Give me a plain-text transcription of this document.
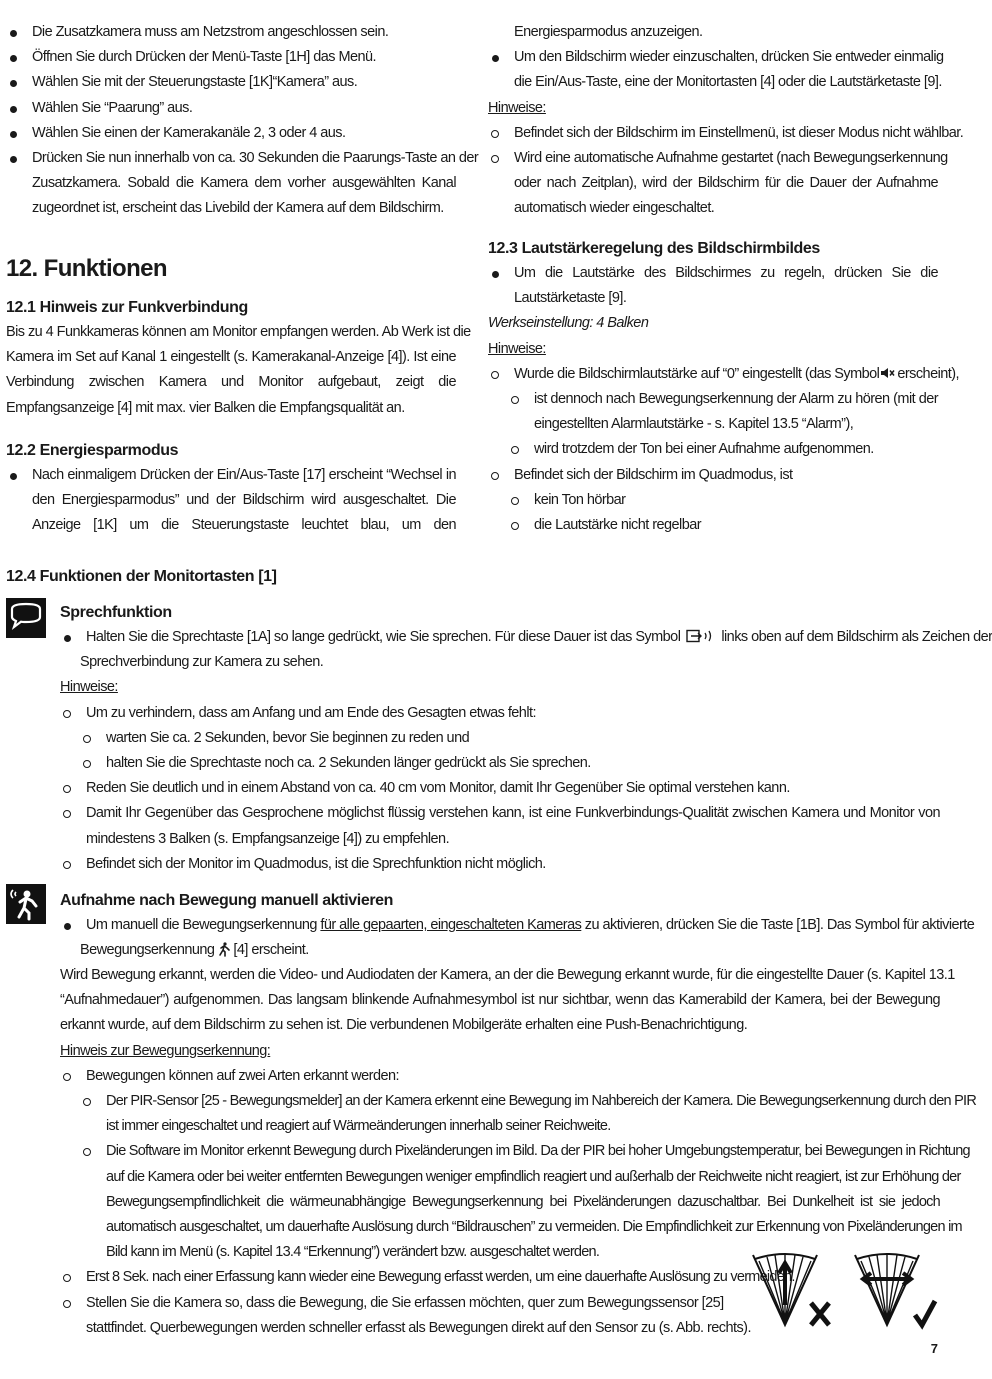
Die Zusatzkamera muss am Netzstrom angeschlossen sein.
Öffnen Sie durch Drücken der Menü-Taste [1H] das Menü.
Wählen Sie mit der Steuerungstaste [1K]“Kamera” aus.
Wählen Sie “Paarung” aus.
Wählen Sie einen der Kamerakanäle 2, 3 oder 4 aus.
Drücken Sie nun innerhalb von ca. 30 Sekunden die Paarungs-Taste an der
Zusatzkamera. Sobald die Kamera dem vorher ausgewählten Kanal
zugeordnet ist, erscheint das Livebild der Kamera auf dem Bildschirm.
12. Funktionen
12.1 Hinweis zur Funkverbindung
Bis zu 4 Funkkameras können am Monitor empfangen werden. Ab Werk ist die
Kamera im Set auf Kanal 1 eingestellt (s. Kamerakanal-Anzeige [4]). Ist eine
Verbindung zwischen Kamera und Monitor aufgebaut, zeigt die
Empfangsanzeige [4] mit max. vier Balken die Empfangsqualität an.
12.2 Energiesparmodus
Nach einmaligem Drücken der Ein/Aus-Taste [17] erscheint “Wechsel in
den Energiesparmodus” und der Bildschirm wird ausgeschaltet. Die
Anzeige [1K] um die Steuerungstaste leuchtet blau, um den
Energiesparmodus anzuzeigen.
Um den Bildschirm wieder einzuschalten, drücken Sie entweder einmalig
die Ein/Aus-Taste, eine der Monitortasten [4] oder die Lautstärketaste [9].
Hinweise:
Befindet sich der Bildschirm im Einstellmenü, ist dieser Modus nicht wählbar.
Wird eine automatische Aufnahme gestartet (nach Bewegungserkennung
oder nach Zeitplan), wird der Bildschirm für die Dauer der Aufnahme
automatisch wieder eingeschaltet.
12.3 Lautstärkeregelung des Bildschirmbildes
Um die Lautstärke des Bildschirmes zu regeln, drücken Sie die
Lautstärketaste [9].
Werkseinstellung: 4 Balken
Hinweise:
Wurde die Bildschirmlautstärke auf “0” eingestellt (das Symbol erscheint),
ist dennoch nach Bewegungserkennung der Alarm zu hören (mit der
eingestellten Alarmlautstärke - s. Kapitel 13.5 “Alarm”),
wird trotzdem der Ton bei einer Aufnahme aufgenommen.
Befindet sich der Bildschirm im Quadmodus, ist
kein Ton hörbar
die Lautstärke nicht regelbar
12.4 Funktionen der Monitortasten [1]
Sprechfunktion
Halten Sie die Sprechtaste [1A] so lange gedrückt, wie Sie sprechen. Für diese Dauer ist das Symbol	links oben auf dem Bildschirm als Zeichen der
Sprechverbindung zur Kamera zu sehen.
Hinweise:
Um zu verhindern, dass am Anfang und am Ende des Gesagten etwas fehlt:
warten Sie ca. 2 Sekunden, bevor Sie beginnen zu reden und
halten Sie die Sprechtaste noch ca. 2 Sekunden länger gedrückt als Sie sprechen.
Reden Sie deutlich und in einem Abstand von ca. 40 cm vom Monitor, damit Ihr Gegenüber Sie optimal verstehen kann.
Damit Ihr Gegenüber das Gesprochene möglichst flüssig verstehen kann, ist eine Funkverbindungs-Qualität zwischen Kamera und Monitor von
mindestens 3 Balken (s. Empfangsanzeige [4]) zu empfehlen.
Befindet sich der Monitor im Quadmodus, ist die Sprechfunktion nicht möglich.
Aufnahme nach Bewegung manuell aktivieren
Um manuell die Bewegungserkennung für alle gepaarten, eingeschalteten Kameras zu aktivieren, drücken Sie die Taste [1B]. Das Symbol für aktivierte
Bewegungserkennung [4] erscheint.
Wird Bewegung erkannt, werden die Video- und Audiodaten der Kamera, an der die Bewegung erkannt wurde, für die eingestellte Dauer (s. Kapitel 13.1
“Aufnahmedauer”) aufgenommen. Das langsam blinkende Aufnahmesymbol ist nur sichtbar, wenn das Kamerabild der Kamera, bei der Bewegung
erkannt wurde, auf dem Bildschirm zu sehen ist. Die verbundenen Mobilgeräte erhalten eine Push-Benachrichtigung.
Hinweis zur Bewegungserkennung:
Bewegungen können auf zwei Arten erkannt werden:
Der PIR-Sensor [25 - Bewegungsmelder] an der Kamera erkennt eine Bewegung im Nahbereich der Kamera. Die Bewegungserkennung durch den PIR
ist immer eingeschaltet und reagiert auf Wärmeänderungen innerhalb seiner Reichweite.
Die Software im Monitor erkennt Bewegung durch Pixeländerungen im Bild. Da der PIR bei hoher Umgebungstemperatur, bei Bewegungen in Richtung
auf die Kamera oder bei weiter entfernten Bewegungen weniger empfindlich reagiert und außerhalb der Reichweite nicht reagiert, ist zur Erhöhung der
Bewegungsempfindlichkeit die wärmeunabhängige Bewegungserkennung bei Pixeländerungen dazuschaltbar. Bei Dunkelheit ist sie jedoch
automatisch ausgeschaltet, um dauerhafte Auslösung durch “Bildrauschen” zu vermeiden. Die Empfindlichkeit zur Erkennung von Pixeländerungen im
Bild kann im Menü (s. Kapitel 13.4 “Erkennung”) verändert bzw. ausgeschaltet werden.
Erst 8 Sek. nach einer Erfassung kann wieder eine Bewegung erfasst werden, um eine dauerhafte Auslösung zu vermeiden.
Stellen Sie die Kamera so, dass die Bewegung, die Sie erfassen möchten, quer zum Bewegungssensor [25]
stattfindet. Querbewegungen werden schneller erfasst als Bewegungen direkt auf den Sensor zu (s. Abb. rechts).
7
